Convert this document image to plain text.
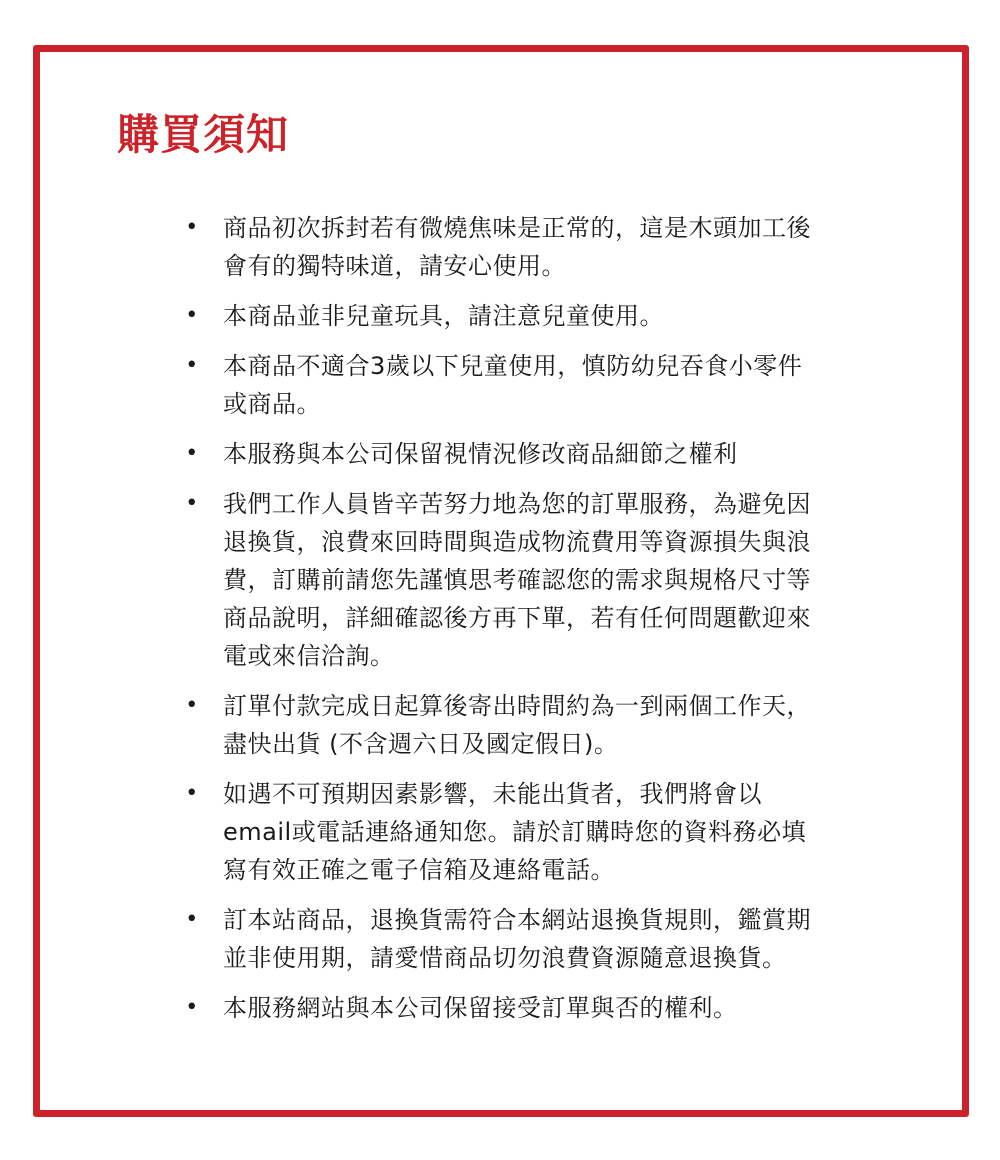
購買須知
• 商品初次拆封若有微燒焦味是正常的，這是木頭加工後會有的獨特味道，請安心使用。
• 本商品並非兒童玩具，請注意兒童使用。
• 本商品不適合3歲以下兒童使用，慎防幼兒吞食小零件或商品。
• 本服務與本公司保留視情況修改商品細節之權利
• 我們工作人員皆辛苦努力地為您的訂單服務，為避免因退換貨，浪費來回時間與造成物流費用等資源損失與浪費，訂購前請您先謹慎思考確認您的需求與規格尺寸等商品說明，詳細確認後方再下單，若有任何問題歡迎來電或來信洽詢。
• 訂單付款完成日起算後寄出時間約為一到兩個工作天，盡快出貨 (不含週六日及國定假日)。
• 如遇不可預期因素影響，未能出貨者，我們將會以email或電話連絡通知您。請於訂購時您的資料務必填寫有效正確之電子信箱及連絡電話。
• 訂本站商品，退換貨需符合本網站退換貨規則，鑑賞期並非使用期，請愛惜商品切勿浪費資源隨意退換貨。
• 本服務網站與本公司保留接受訂單與否的權利。
